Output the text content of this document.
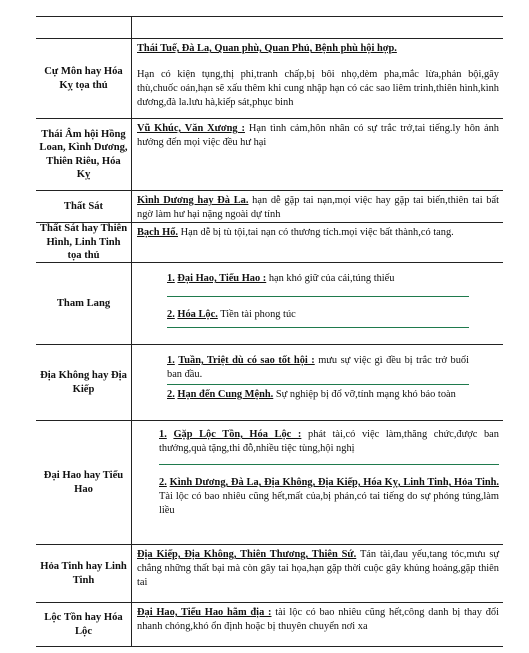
Cự Môn hay Hóa Kỵ tọa thủ
Thái Tuế, Đà La, Quan phù, Quan Phủ, Bệnh phù hội hợp.
Hạn có kiện tụng,thị phi,tranh chấp,bị bôi nhọ,dèm pha,mắc lừa,phản bội,gây thù,chuốc oán,hạn sẽ xấu thêm khi cung nhập hạn có các sao liêm trinh,thiên hình,kình dương,đà la.lưu hà,kiếp sát,phục binh
Thái Âm hội Hồng Loan, Kình Dương, Thiên Riêu, Hóa Kỵ
Vũ Khúc, Văn Xương : Hạn tình cảm,hôn nhân có sự trắc trở,tai tiếng.ly hôn ảnh hưởng đến mọi việc đều hư hại
Thất Sát
Kình Dương hay Đà La. hạn dễ gặp tai nạn,mọi việc hay gặp tai biến,thiên tai bất ngờ làm hư hại nặng ngoài dự tính
Thất Sát hay Thiên Hình, Linh Tinh tọa thủ
Bạch Hổ. Hạn dễ bị tù tội,tai nạn có thương tích.mọi việc bất thành,có tang.
Tham Lang
1. Đại Hao, Tiểu Hao : hạn khó giữ của cải,túng thiếu
2. Hóa Lộc. Tiền tài phong túc
Địa Không hay Địa Kiếp
1. Tuần, Triệt dù có sao tốt hội : mưu sự việc gì đều bị trắc trở buổi ban đầu.
2. Hạn đến Cung Mệnh. Sự nghiệp bị đổ vỡ,tính mạng khó bảo toàn
Đại Hao hay Tiểu Hao
1. Gặp Lộc Tồn, Hóa Lộc : phát tài,có việc làm,thăng chức,được ban thưởng,quà tặng,thi đỗ,nhiều tiệc tùng,hội nghị
2. Kình Dương, Đà La, Địa Không, Địa Kiếp, Hóa Kỵ, Linh Tinh, Hỏa Tinh. Tài lộc có bao nhiêu cũng hết,mất của,bị phản,có tai tiếng do sự phóng túng,làm liều
Hỏa Tinh hay Linh Tinh
Địa Kiếp, Địa Không, Thiên Thương, Thiên Sứ. Tán tài,đau yếu,tang tóc,mưu sự chẳng những thất bại mà còn gây tai họa,hạn gặp thời cuộc gây khủng hoảng,gặp thiên tai
Lộc Tồn hay Hóa Lộc
Đại Hao, Tiểu Hao hãm địa : tài lộc có bao nhiêu cũng hết,công danh bị thay đổi nhanh chóng,khó ổn định hoặc bị thuyên chuyển nơi xa
